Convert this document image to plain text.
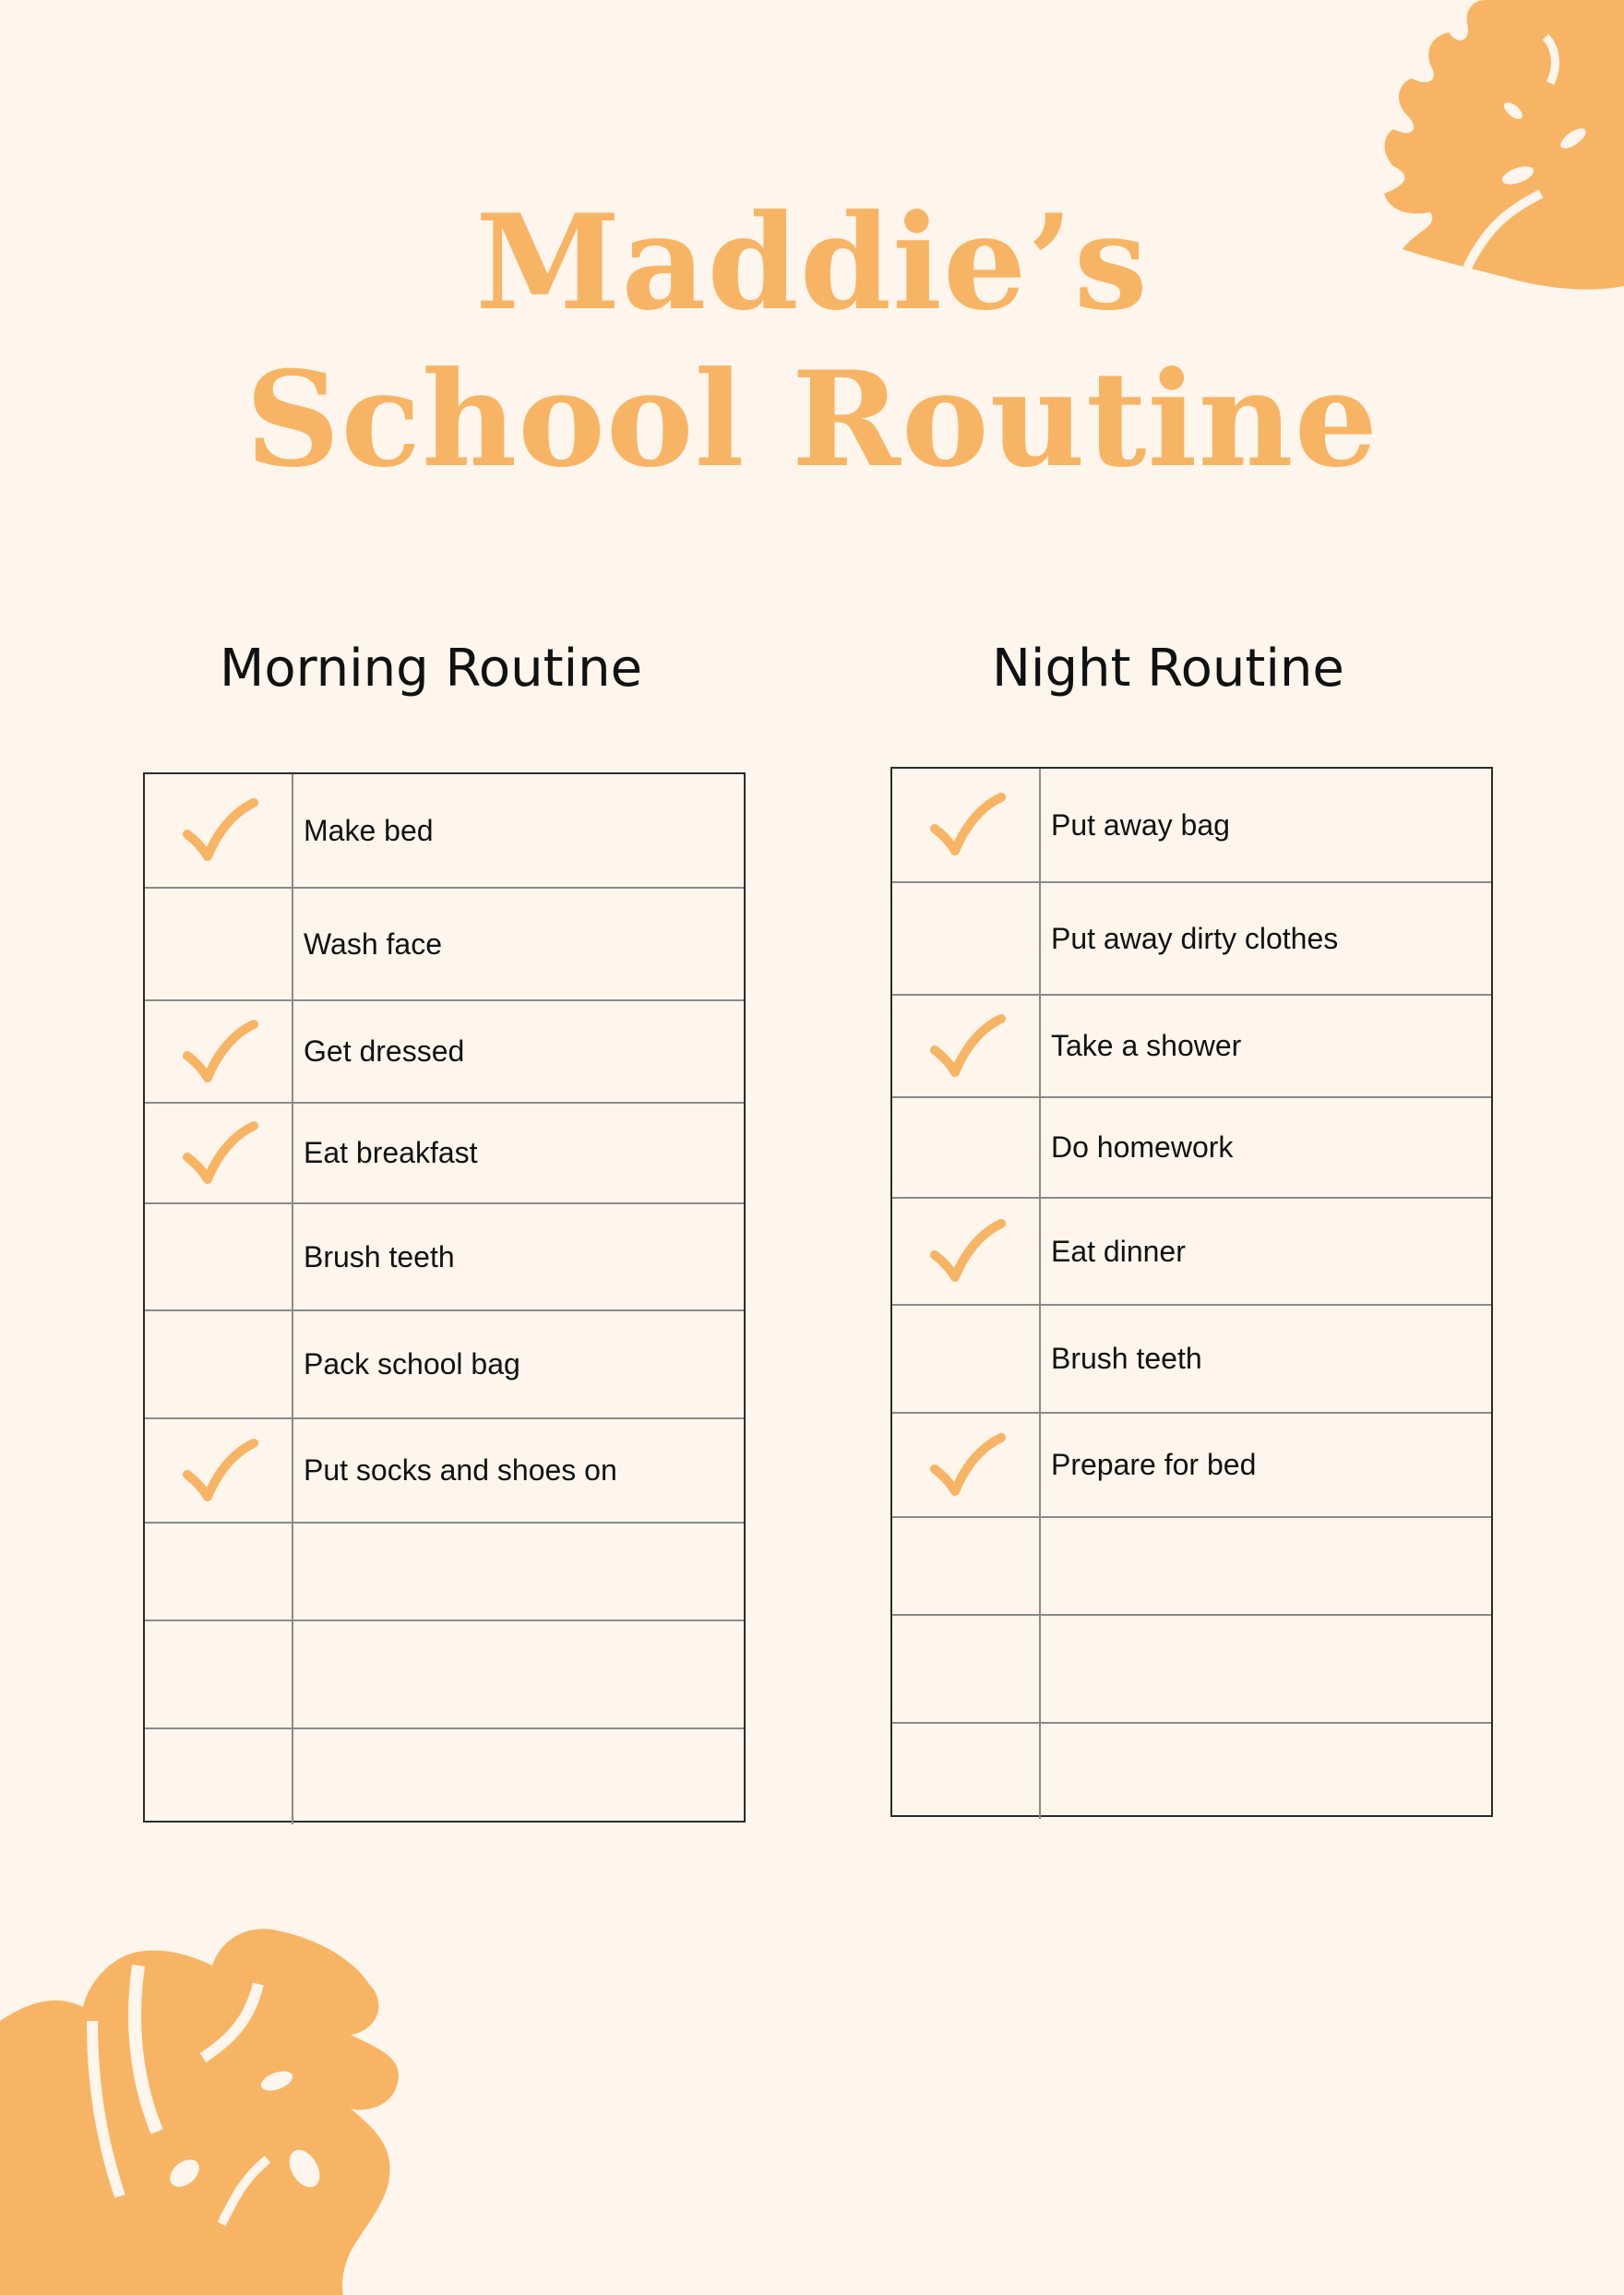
Maddie’s
School Routine
Morning Routine	Night Routine
Make bed
Wash face
Get dressed
Eat breakfast
Brush teeth
Pack school bag
Put socks and shoes on
Put away bag
Put away dirty clothes
Take a shower
Do homework
Eat dinner
Brush teeth
Prepare for bed
